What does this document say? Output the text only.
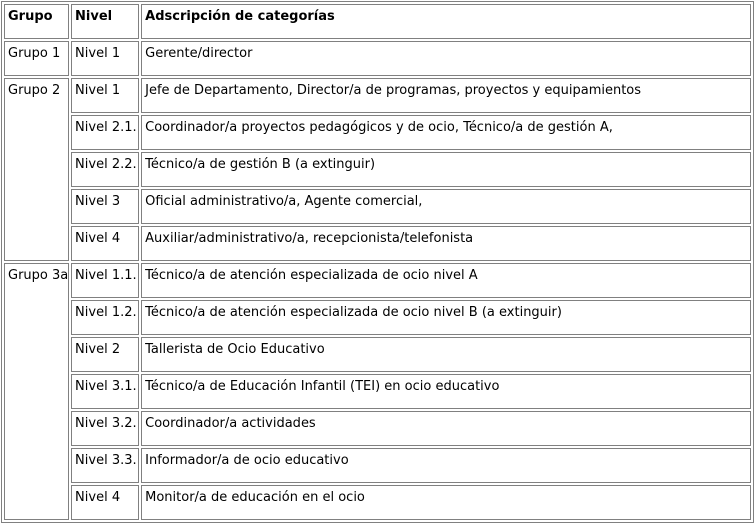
Grupo	Nivel	Adscripción de categorías
Grupo 1	Nivel 1	Gerente/director
Grupo 2	Nivel 1	Jefe de Departamento, Director/a de programas, proyectos y equipamientos
	Nivel 2.1.	Coordinador/a proyectos pedagógicos y de ocio, Técnico/a de gestión A,
	Nivel 2.2.	Técnico/a de gestión B (a extinguir)
	Nivel 3	Oficial administrativo/a, Agente comercial,
	Nivel 4	Auxiliar/administrativo/a, recepcionista/telefonista
Grupo 3a	Nivel 1.1.	Técnico/a de atención especializada de ocio nivel A
	Nivel 1.2.	Técnico/a de atención especializada de ocio nivel B (a extinguir)
	Nivel 2	Tallerista de Ocio Educativo
	Nivel 3.1.	Técnico/a de Educación Infantil (TEI) en ocio educativo
	Nivel 3.2.	Coordinador/a actividades
	Nivel 3.3.	Informador/a de ocio educativo
	Nivel 4	Monitor/a de educación en el ocio
